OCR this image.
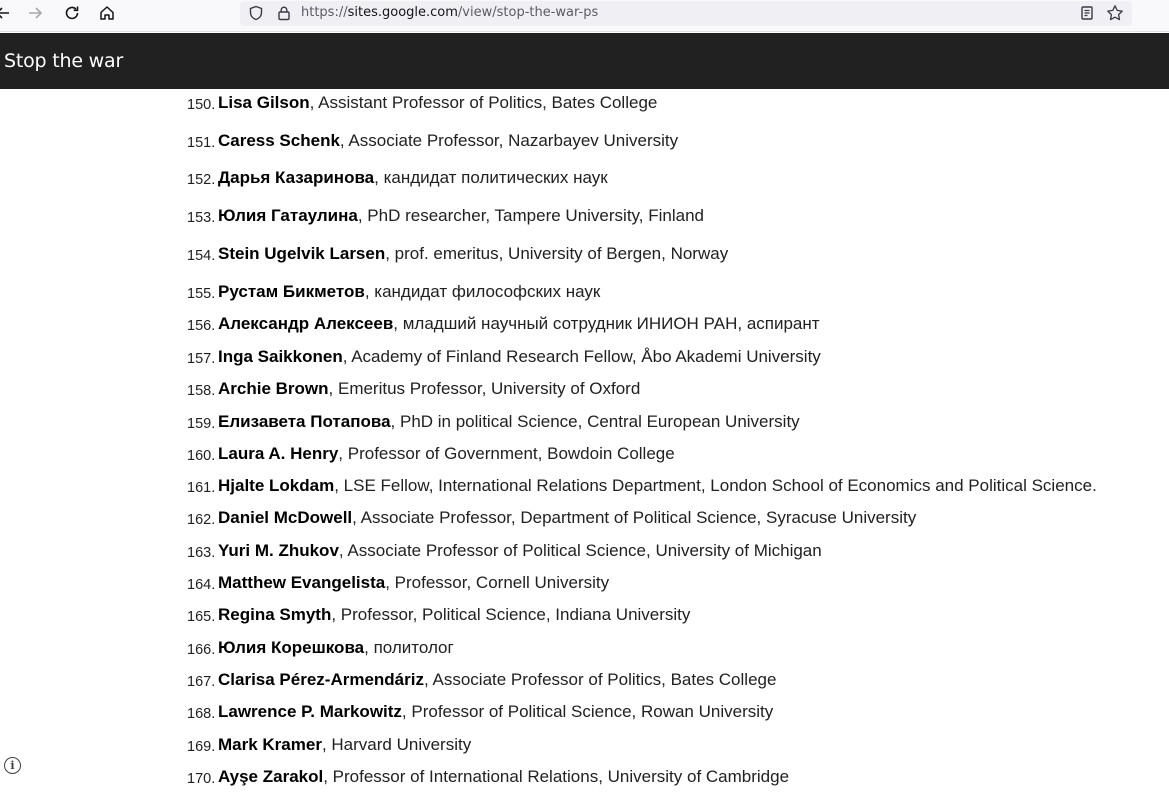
https://sites.google.com/view/stop-the-war-ps
Stop the war
150. Lisa Gilson, Assistant Professor of Politics, Bates College
151. Caress Schenk, Associate Professor, Nazarbayev University
152. Дарья Казаринова, кандидат политических наук
153. Юлия Гатаулина, PhD researcher, Tampere University, Finland
154. Stein Ugelvik Larsen, prof. emeritus, University of Bergen, Norway
155. Рустам Бикметов, кандидат философских наук
156. Александр Алексеев, младший научный сотрудник ИНИОН РАН, аспирант
157. Inga Saikkonen, Academy of Finland Research Fellow, Åbo Akademi University
158. Archie Brown, Emeritus Professor, University of Oxford
159. Елизавета Потапова, PhD in political Science, Central European University
160. Laura A. Henry, Professor of Government, Bowdoin College
161. Hjalte Lokdam, LSE Fellow, International Relations Department, London School of Economics and Political Science.
162. Daniel McDowell, Associate Professor, Department of Political Science, Syracuse University
163. Yuri M. Zhukov, Associate Professor of Political Science, University of Michigan
164. Matthew Evangelista, Professor, Cornell University
165. Regina Smyth, Professor, Political Science, Indiana University
166. Юлия Корешкова, политолог
167. Clarisa Pérez-Armendáriz, Associate Professor of Politics, Bates College
168. Lawrence P. Markowitz, Professor of Political Science, Rowan University
169. Mark Kramer, Harvard University
170. Ayşe Zarakol, Professor of International Relations, University of Cambridge
i
